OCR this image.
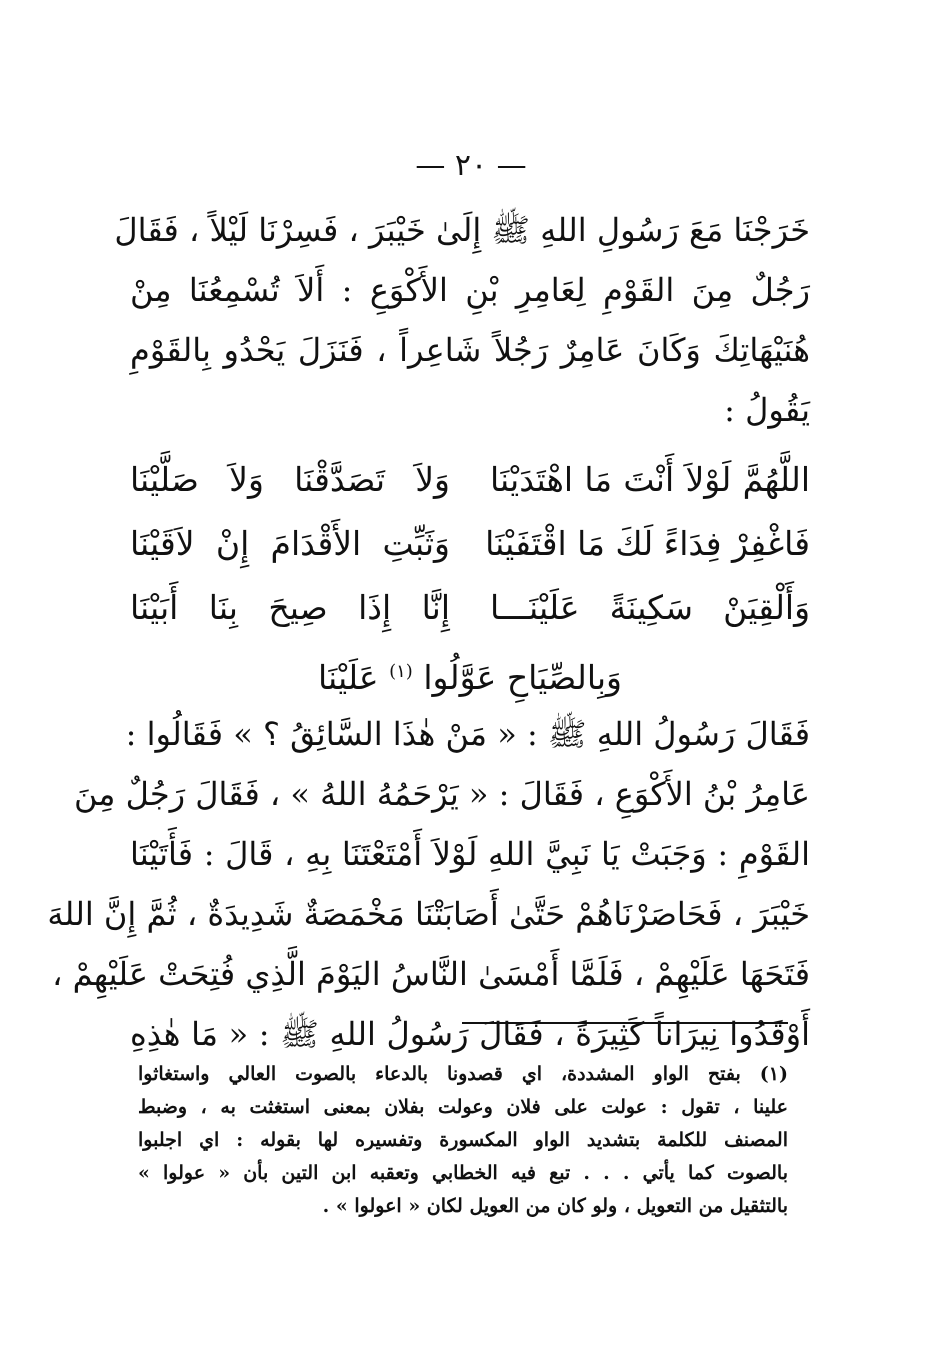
— ٢٠ —
خَرَجْنَا مَعَ رَسُولِ اللهِ ﷺ إِلَىٰ خَيْبَرَ ، فَسِرْنَا لَيْلاً ، فَقَالَ
رَجُلٌ مِنَ القَوْمِ لِعَامِرِ بْنِ الأَكْوَعِ : أَلاَ تُسْمِعُنَا مِنْ
هُنَيْهَاتِكَ وَكَانَ عَامِرٌ رَجُلاً شَاعِراً ، فَنَزَلَ يَحْدُو بِالقَوْمِ
يَقُولُ :
اللَّهُمَّ لَوْلاَ أَنْتَ مَا اهْتَدَيْنَا
وَلاَ تَصَدَّقْنَا وَلاَ صَلَّيْنَا
فَاغْفِرْ فِدَاءً لَكَ مَا اقْتَفَيْنَا
وَثَبِّتِ الأَقْدَامَ إِنْ لاَقَيْنَا
وَأَلْقِيَنْ سَكِينَةً عَلَيْنَـــا
إِنَّا إِذَا صِيحَ بِنَا أَبَيْنَا
وَبِالصِّيَاحِ عَوَّلُوا $^{(١)}$ عَلَيْنَا
فَقَالَ رَسُولُ اللهِ ﷺ : « مَنْ هٰذَا السَّائِقُ ؟ » فَقَالُوا :
عَامِرُ بْنُ الأَكْوَعِ ، فَقَالَ : « يَرْحَمُهُ اللهُ » ، فَقَالَ رَجُلٌ مِنَ
القَوْمِ : وَجَبَتْ يَا نَبِيَّ اللهِ لَوْلاَ أَمْتَعْتَنَا بِهِ ، قَالَ : فَأَتَيْنَا
خَيْبَرَ ، فَحَاصَرْنَاهُمْ حَتَّىٰ أَصَابَتْنَا مَخْمَصَةٌ شَدِيدَةٌ ، ثُمَّ إِنَّ اللهَ
فَتَحَهَا عَلَيْهِمْ ، فَلَمَّا أَمْسَىٰ النَّاسُ اليَوْمَ الَّذِي فُتِحَتْ عَلَيْهِمْ ،
أَوْقَدُوا نِيرَاناً كَثِيرَةً ، فَقَالَ رَسُولُ اللهِ ﷺ : « مَا هٰذِهِ
(١) بفتح الواو المشددة، اي قصدونا بالدعاء بالصوت العالي واستغاثوا
علينا ، تقول : عولت على فلان وعولت بفلان بمعنى استغثت به ، وضبط
المصنف للكلمة بتشديد الواو المكسورة وتفسيره لها بقوله : اي اجلبوا
بالصوت كما يأتي . . . تبع فيه الخطابي وتعقبه ابن التين بأن « عولوا »
بالتثقيل من التعويل ، ولو كان من العويل لكان « اعولوا » .
